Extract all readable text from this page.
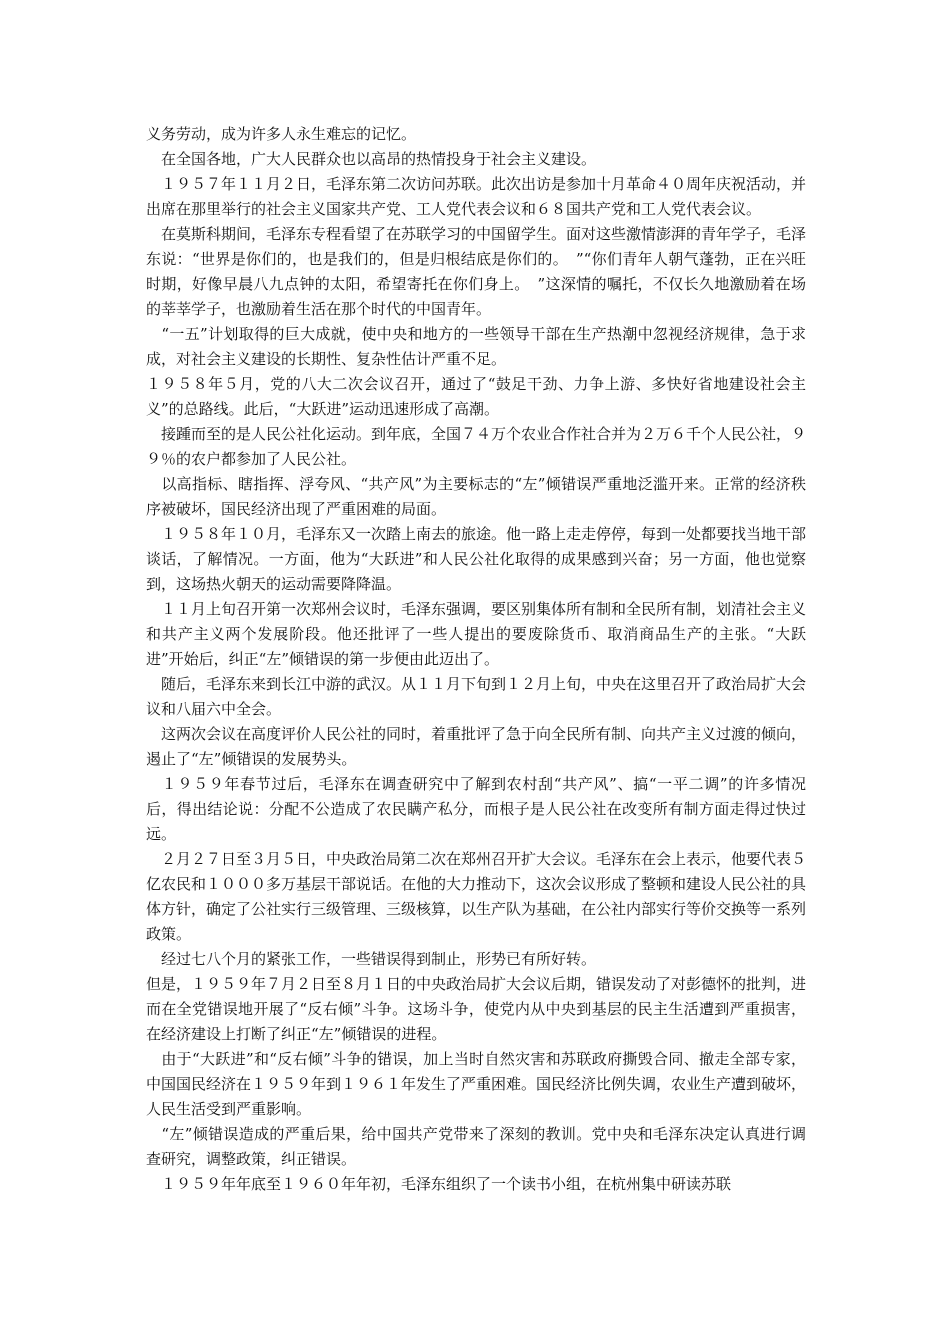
义务劳动，成为许多人永生难忘的记忆。

　在全国各地，广大人民群众也以高昂的热情投身于社会主义建设。

　１９５７年１１月２日，毛泽东第二次访问苏联。此次出访是参加十月革命４０周年庆祝活动，并出席在那里举行的社会主义国家共产党、工人党代表会议和６８国共产党和工人党代表会议。

　在莫斯科期间，毛泽东专程看望了在苏联学习的中国留学生。面对这些激情澎湃的青年学子，毛泽东说：“世界是你们的，也是我们的，但是归根结底是你们的。　”“你们青年人朝气蓬勃，正在兴旺时期，好像早晨八九点钟的太阳，希望寄托在你们身上。　”这深情的嘱托，不仅长久地激励着在场的莘莘学子，也激励着生活在那个时代的中国青年。

　“一五”计划取得的巨大成就，使中央和地方的一些领导干部在生产热潮中忽视经济规律，急于求成，对社会主义建设的长期性、复杂性估计严重不足。

１９５８年５月，党的八大二次会议召开，通过了“鼓足干劲、力争上游、多快好省地建设社会主义”的总路线。此后，“大跃进”运动迅速形成了高潮。

　接踵而至的是人民公社化运动。到年底，全国７４万个农业合作社合并为２万６千个人民公社，９９％的农户都参加了人民公社。

　以高指标、瞎指挥、浮夸风、“共产风”为主要标志的“左”倾错误严重地泛滥开来。正常的经济秩序被破坏，国民经济出现了严重困难的局面。

　１９５８年１０月，毛泽东又一次踏上南去的旅途。他一路上走走停停，每到一处都要找当地干部谈话，了解情况。一方面，他为“大跃进”和人民公社化取得的成果感到兴奋；另一方面，他也觉察到，这场热火朝天的运动需要降降温。

　１１月上旬召开第一次郑州会议时，毛泽东强调，要区别集体所有制和全民所有制，划清社会主义和共产主义两个发展阶段。他还批评了一些人提出的要废除货币、取消商品生产的主张。“大跃进”开始后，纠正“左”倾错误的第一步便由此迈出了。

　随后，毛泽东来到长江中游的武汉。从１１月下旬到１２月上旬，中央在这里召开了政治局扩大会议和八届六中全会。

　这两次会议在高度评价人民公社的同时，着重批评了急于向全民所有制、向共产主义过渡的倾向，遏止了“左”倾错误的发展势头。

　１９５９年春节过后，毛泽东在调查研究中了解到农村刮“共产风”、搞“一平二调”的许多情况后，得出结论说：分配不公造成了农民瞒产私分，而根子是人民公社在改变所有制方面走得过快过远。

　２月２７日至３月５日，中央政治局第二次在郑州召开扩大会议。毛泽东在会上表示，他要代表５亿农民和１０００多万基层干部说话。在他的大力推动下，这次会议形成了整顿和建设人民公社的具体方针，确定了公社实行三级管理、三级核算，以生产队为基础，在公社内部实行等价交换等一系列政策。

　经过七八个月的紧张工作，一些错误得到制止，形势已有所好转。

但是，１９５９年７月２日至８月１日的中央政治局扩大会议后期，错误发动了对彭德怀的批判，进而在全党错误地开展了“反右倾”斗争。这场斗争，使党内从中央到基层的民主生活遭到严重损害，在经济建设上打断了纠正“左”倾错误的进程。

　由于“大跃进”和“反右倾”斗争的错误，加上当时自然灾害和苏联政府撕毁合同、撤走全部专家，中国国民经济在１９５９年到１９６１年发生了严重困难。国民经济比例失调，农业生产遭到破坏，人民生活受到严重影响。

　“左”倾错误造成的严重后果，给中国共产党带来了深刻的教训。党中央和毛泽东决定认真进行调查研究，调整政策，纠正错误。

　１９５９年年底至１９６０年年初，毛泽东组织了一个读书小组，在杭州集中研读苏联
